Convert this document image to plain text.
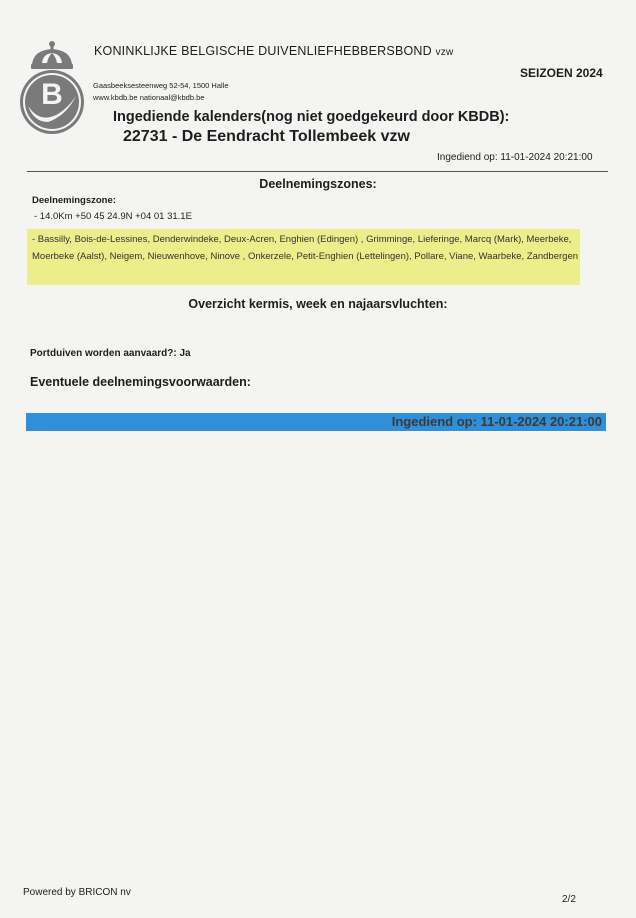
B
KONINKLIJKE BELGISCHE DUIVENLIEFHEBBERSBOND vzw
SEIZOEN 2024
Gaasbeeksesteenweg 52-54, 1500 Halle
www.kbdb.be nationaal@kbdb.be
Ingediende kalenders(nog niet goedgekeurd door KBDB):
22731 - De Eendracht Tollembeek vzw
Ingediend op: 11-01-2024 20:21:00
Deelnemingszones:
Deelnemingszone:
- 14.0Km +50 45 24.9N +04 01 31.1E
- Bassilly, Bois-de-Lessines, Denderwindeke, Deux-Acren, Enghien (Edingen) , Grimminge, Lieferinge, Marcq (Mark), Meerbeke, Moerbeke (Aalst), Neigem, Nieuwenhove, Ninove , Onkerzele, Petit-Enghien (Lettelingen), Pollare, Viane, Waarbeke, Zandbergen
Overzicht kermis, week en najaarsvluchten:
Portduiven worden aanvaard?: Ja
Eventuele deelnemingsvoorwaarden:
Ingediend op: 11-01-2024 20:21:00
Powered by BRICON nv
2/2
